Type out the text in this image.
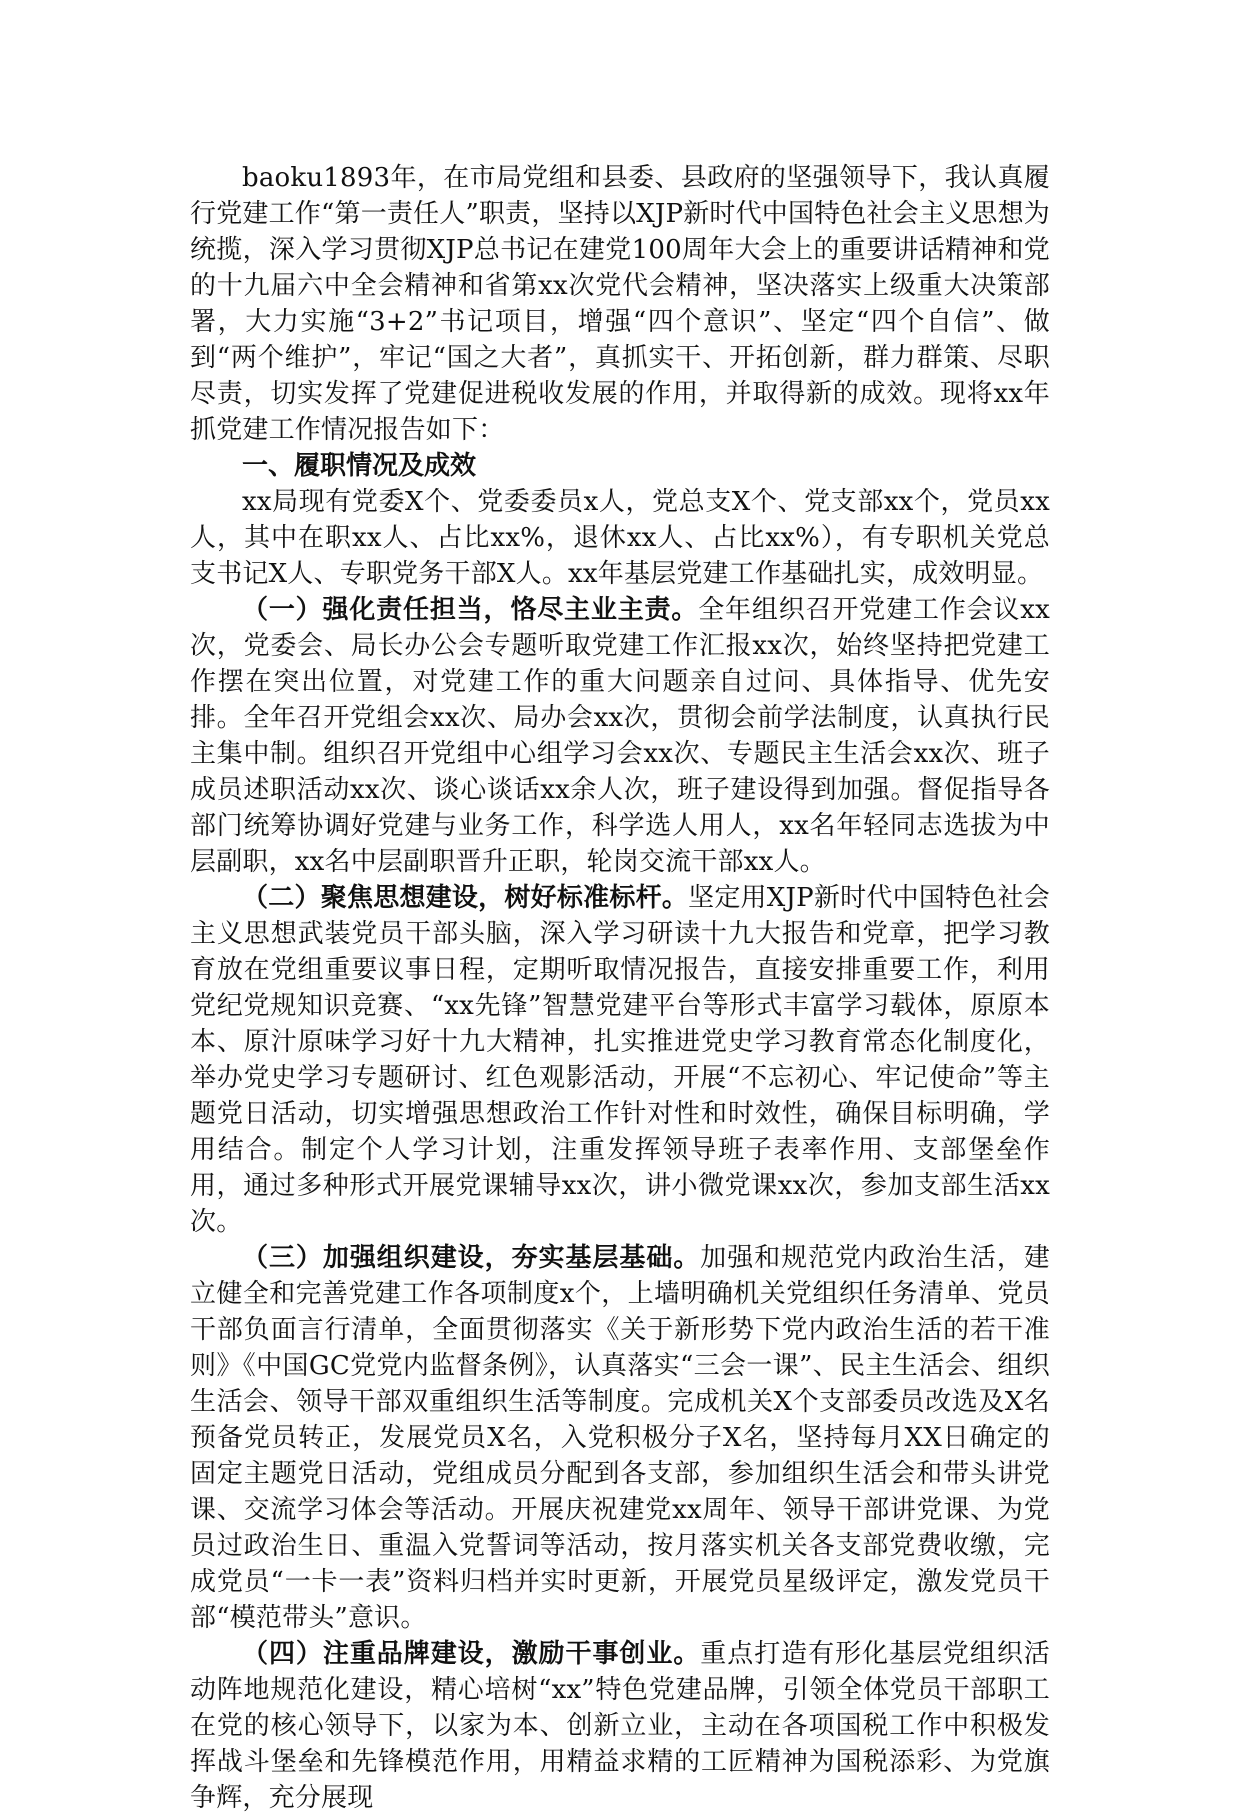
baoku1893年，在市局党组和县委、县政府的坚强领导下，我认真履行党建工作“第一责任人”职责，坚持以XJP新时代中国特色社会主义思想为统揽，深入学习贯彻XJP总书记在建党100周年大会上的重要讲话精神和党的十九届六中全会精神和省第xx次党代会精神，坚决落实上级重大决策部署，大力实施“3+2”书记项目，增强“四个意识”、坚定“四个自信”、做到“两个维护”，牢记“国之大者”，真抓实干、开拓创新，群力群策、尽职尽责，切实发挥了党建促进税收发展的作用，并取得新的成效。现将xx年抓党建工作情况报告如下：

一、履职情况及成效

xx局现有党委X个、党委委员x人，党总支X个、党支部xx个，党员xx人，其中在职xx人、占比xx%，退休xx人、占比xx%），有专职机关党总支书记X人、专职党务干部X人。xx年基层党建工作基础扎实，成效明显。

（一）强化责任担当，恪尽主业主责。全年组织召开党建工作会议xx次，党委会、局长办公会专题听取党建工作汇报xx次，始终坚持把党建工作摆在突出位置，对党建工作的重大问题亲自过问、具体指导、优先安排。全年召开党组会xx次、局办会xx次，贯彻会前学法制度，认真执行民主集中制。组织召开党组中心组学习会xx次、专题民主生活会xx次、班子成员述职活动xx次、谈心谈话xx余人次，班子建设得到加强。督促指导各部门统筹协调好党建与业务工作，科学选人用人，xx名年轻同志选拔为中层副职，xx名中层副职晋升正职，轮岗交流干部xx人。

（二）聚焦思想建设，树好标准标杆。坚定用XJP新时代中国特色社会主义思想武装党员干部头脑，深入学习研读十九大报告和党章，把学习教育放在党组重要议事日程，定期听取情况报告，直接安排重要工作，利用党纪党规知识竞赛、“xx先锋”智慧党建平台等形式丰富学习载体，原原本本、原汁原味学习好十九大精神，扎实推进党史学习教育常态化制度化，举办党史学习专题研讨、红色观影活动，开展“不忘初心、牢记使命”等主题党日活动，切实增强思想政治工作针对性和时效性，确保目标明确，学用结合。制定个人学习计划，注重发挥领导班子表率作用、支部堡垒作用，通过多种形式开展党课辅导xx次，讲小微党课xx次，参加支部生活xx次。

（三）加强组织建设，夯实基层基础。加强和规范党内政治生活，建立健全和完善党建工作各项制度x个，上墙明确机关党组织任务清单、党员干部负面言行清单，全面贯彻落实《关于新形势下党内政治生活的若干准则》《中国GC党党内监督条例》，认真落实“三会一课”、民主生活会、组织生活会、领导干部双重组织生活等制度。完成机关X个支部委员改选及X名预备党员转正，发展党员X名，入党积极分子X名，坚持每月XX日确定的固定主题党日活动，党组成员分配到各支部，参加组织生活会和带头讲党课、交流学习体会等活动。开展庆祝建党xx周年、领导干部讲党课、为党员过政治生日、重温入党誓词等活动，按月落实机关各支部党费收缴，完成党员“一卡一表”资料归档并实时更新，开展党员星级评定，激发党员干部“模范带头”意识。

（四）注重品牌建设，激励干事创业。重点打造有形化基层党组织活动阵地规范化建设，精心培树“xx”特色党建品牌，引领全体党员干部职工在党的核心领导下，以家为本、创新立业，主动在各项国税工作中积极发挥战斗堡垒和先锋模范作用，用精益求精的工匠精神为国税添彩、为党旗争辉，充分展现
